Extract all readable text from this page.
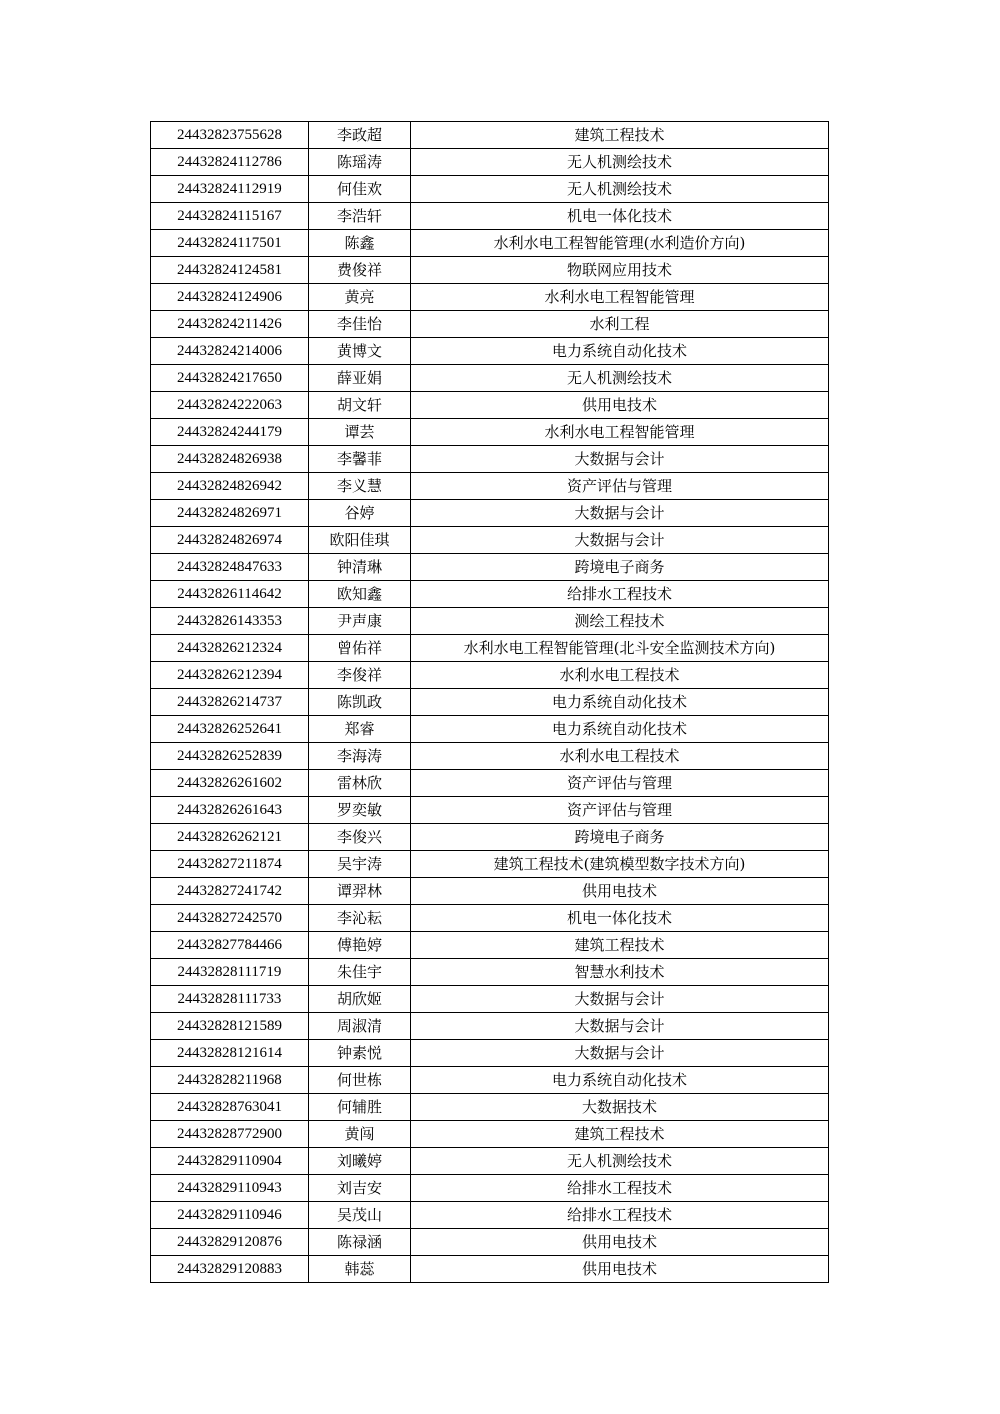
24432823755628	李政超	建筑工程技术
24432824112786	陈瑶涛	无人机测绘技术
24432824112919	何佳欢	无人机测绘技术
24432824115167	李浩轩	机电一体化技术
24432824117501	陈鑫	水利水电工程智能管理(水利造价方向)
24432824124581	费俊祥	物联网应用技术
24432824124906	黄亮	水利水电工程智能管理
24432824211426	李佳怡	水利工程
24432824214006	黄博文	电力系统自动化技术
24432824217650	薛亚娟	无人机测绘技术
24432824222063	胡文轩	供用电技术
24432824244179	谭芸	水利水电工程智能管理
24432824826938	李馨菲	大数据与会计
24432824826942	李义慧	资产评估与管理
24432824826971	谷婷	大数据与会计
24432824826974	欧阳佳琪	大数据与会计
24432824847633	钟清琳	跨境电子商务
24432826114642	欧知鑫	给排水工程技术
24432826143353	尹声康	测绘工程技术
24432826212324	曾佑祥	水利水电工程智能管理(北斗安全监测技术方向)
24432826212394	李俊祥	水利水电工程技术
24432826214737	陈凯政	电力系统自动化技术
24432826252641	郑睿	电力系统自动化技术
24432826252839	李海涛	水利水电工程技术
24432826261602	雷林欣	资产评估与管理
24432826261643	罗奕敏	资产评估与管理
24432826262121	李俊兴	跨境电子商务
24432827211874	吴宇涛	建筑工程技术(建筑模型数字技术方向)
24432827241742	谭羿林	供用电技术
24432827242570	李沁耘	机电一体化技术
24432827784466	傅艳婷	建筑工程技术
24432828111719	朱佳宇	智慧水利技术
24432828111733	胡欣姬	大数据与会计
24432828121589	周淑清	大数据与会计
24432828121614	钟素悦	大数据与会计
24432828211968	何世栋	电力系统自动化技术
24432828763041	何辅胜	大数据技术
24432828772900	黄闯	建筑工程技术
24432829110904	刘曦婷	无人机测绘技术
24432829110943	刘吉安	给排水工程技术
24432829110946	吴茂山	给排水工程技术
24432829120876	陈禄涵	供用电技术
24432829120883	韩蕊	供用电技术
